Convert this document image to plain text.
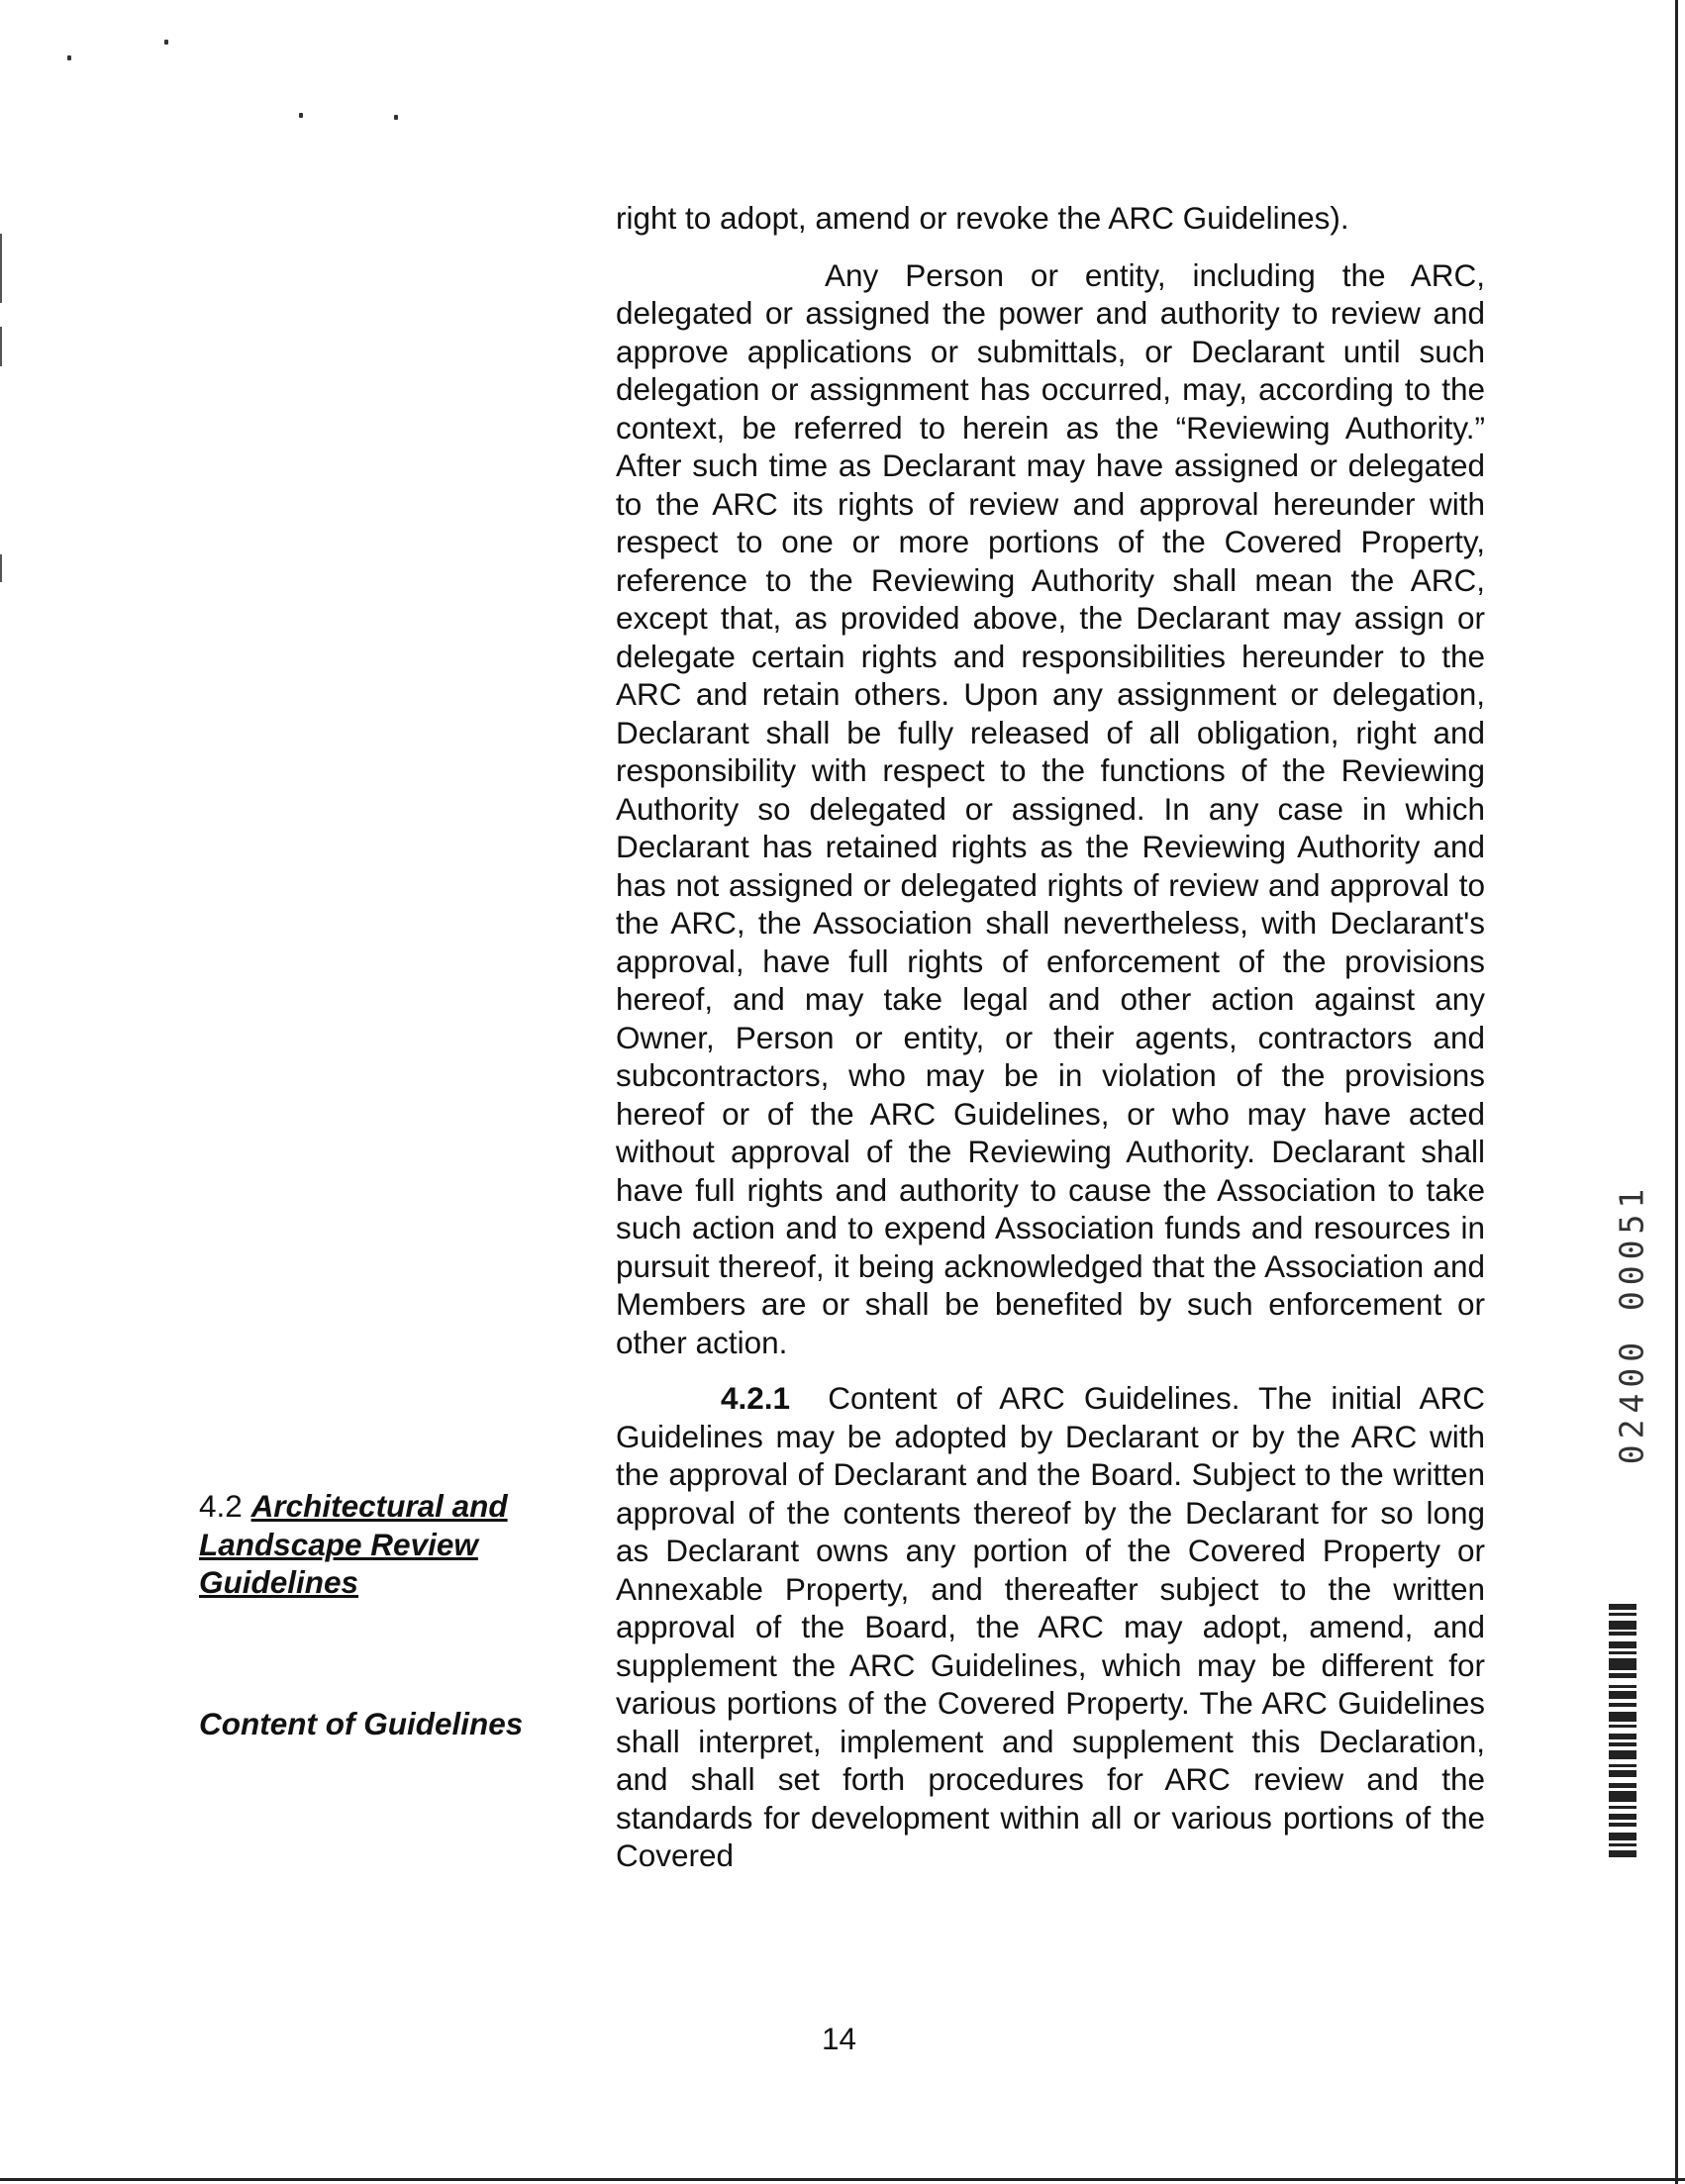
right to adopt, amend or revoke the ARC Guidelines).

Any Person or entity, including the ARC, delegated or assigned the power and authority to review and approve applications or submittals, or Declarant until such delegation or assignment has occurred, may, according to the context, be referred to herein as the “Reviewing Authority.” After such time as Declarant may have assigned or delegated to the ARC its rights of review and approval hereunder with respect to one or more portions of the Covered Property, reference to the Reviewing Authority shall mean the ARC, except that, as provided above, the Declarant may assign or delegate certain rights and responsibilities hereunder to the ARC and retain others. Upon any assignment or delegation, Declarant shall be fully released of all obligation, right and responsibility with respect to the functions of the Reviewing Authority so delegated or assigned. In any case in which Declarant has retained rights as the Reviewing Authority and has not assigned or delegated rights of review and approval to the ARC, the Association shall nevertheless, with Declarant's approval, have full rights of enforcement of the provisions hereof, and may take legal and other action against any Owner, Person or entity, or their agents, contractors and subcontractors, who may be in violation of the provisions hereof or of the ARC Guidelines, or who may have acted without approval of the Reviewing Authority. Declarant shall have full rights and authority to cause the Association to take such action and to expend Association funds and resources in pursuit thereof, it being acknowledged that the Association and Members are or shall be benefited by such enforcement or other action.

4.2.1 Content of ARC Guidelines. The initial ARC Guidelines may be adopted by Declarant or by the ARC with the approval of Declarant and the Board. Subject to the written approval of the contents thereof by the Declarant for so long as Declarant owns any portion of the Covered Property or Annexable Property, and thereafter subject to the written approval of the Board, the ARC may adopt, amend, and supplement the ARC Guidelines, which may be different for various portions of the Covered Property. The ARC Guidelines shall interpret, implement and supplement this Declaration, and shall set forth procedures for ARC review and the standards for development within all or various portions of the Covered

4.2 Architectural and
Landscape Review
Guidelines
Content of Guidelines
14
02400 00051
